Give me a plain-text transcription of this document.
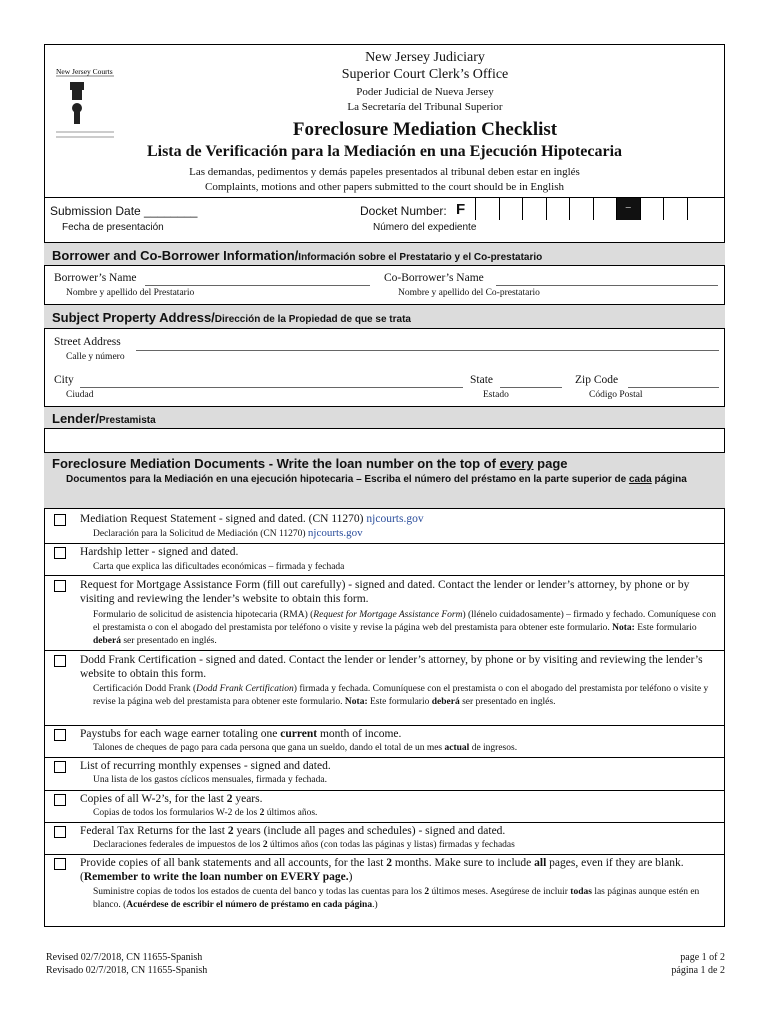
New Jersey Courts
New Jersey Judiciary
Superior Court Clerk’s Office
Poder Judicial de Nueva Jersey
La Secretaría del Tribunal Superior
Foreclosure Mediation Checklist
Lista de Verificación para la Mediación en una Ejecución Hipotecaria
Las demandas, pedimentos y demás papeles presentados al tribunal deben estar en inglés
Complaints, motions and other papers submitted to the court should be in English
Submission Date ________
Fecha de presentación
Docket Number: F
Número del expediente
–
Borrower and Co-Borrower Information/Información sobre el Prestatario y el Co-prestatario
Borrower’s Name
Nombre y apellido del Prestatario
Co-Borrower’s Name
Nombre y apellido del Co-prestatario
Subject Property Address/Dirección de la Propiedad de que se trata
Street Address
Calle y número
City
Ciudad
State
Estado
Zip Code
Código Postal
Lender/Prestamista
Foreclosure Mediation Documents - Write the loan number on the top of every page
Documentos para la Mediación en una ejecución hipotecaria – Escriba el número del préstamo en la parte superior de cada página
Mediation Request Statement - signed and dated. (CN 11270) njcourts.gov
Declaración para la Solicitud de Mediación (CN 11270) njcourts.gov
Hardship letter - signed and dated.
Carta que explica las dificultades económicas – firmada y fechada
Request for Mortgage Assistance Form (fill out carefully) - signed and dated. Contact the lender or lender’s attorney, by phone or by visiting and reviewing the lender’s website to obtain this form.
Formulario de solicitud de asistencia hipotecaria (RMA) (Request for Mortgage Assistance Form) (llénelo cuidadosamente) – firmado y fechado. Comuníquese con el prestamista o con el abogado del prestamista por teléfono o visite y revise la página web del prestamista para obtener este formulario. Nota: Este formulario deberá ser presentado en inglés.
Dodd Frank Certification - signed and dated. Contact the lender or lender’s attorney, by phone or by visiting and reviewing the lender’s website to obtain this form.
Certificación Dodd Frank (Dodd Frank Certification) firmada y fechada. Comuníquese con el prestamista o con el abogado del prestamista por teléfono o visite y revise la página web del prestamista para obtener este formulario. Nota: Este formulario deberá ser presentado en inglés.
Paystubs for each wage earner totaling one current month of income.
Talones de cheques de pago para cada persona que gana un sueldo, dando el total de un mes actual de ingresos.
List of recurring monthly expenses - signed and dated.
Una lista de los gastos cíclicos mensuales, firmada y fechada.
Copies of all W-2’s, for the last 2 years.
Copias de todos los formularios W-2 de los 2 últimos años.
Federal Tax Returns for the last 2 years (include all pages and schedules) - signed and dated.
Declaraciones federales de impuestos de los 2 últimos años (con todas las páginas y listas) firmadas y fechadas
Provide copies of all bank statements and all accounts, for the last 2 months. Make sure to include all pages, even if they are blank. (Remember to write the loan number on EVERY page.)
Suministre copias de todos los estados de cuenta del banco y todas las cuentas para los 2 últimos meses. Asegúrese de incluir todas las páginas aunque estén en blanco. (Acuérdese de escribir el número de préstamo en cada página.)
Revised 02/7/2018, CN 11655-Spanish
Revisado 02/7/2018, CN 11655-Spanish
page 1 of 2
página 1 de 2
